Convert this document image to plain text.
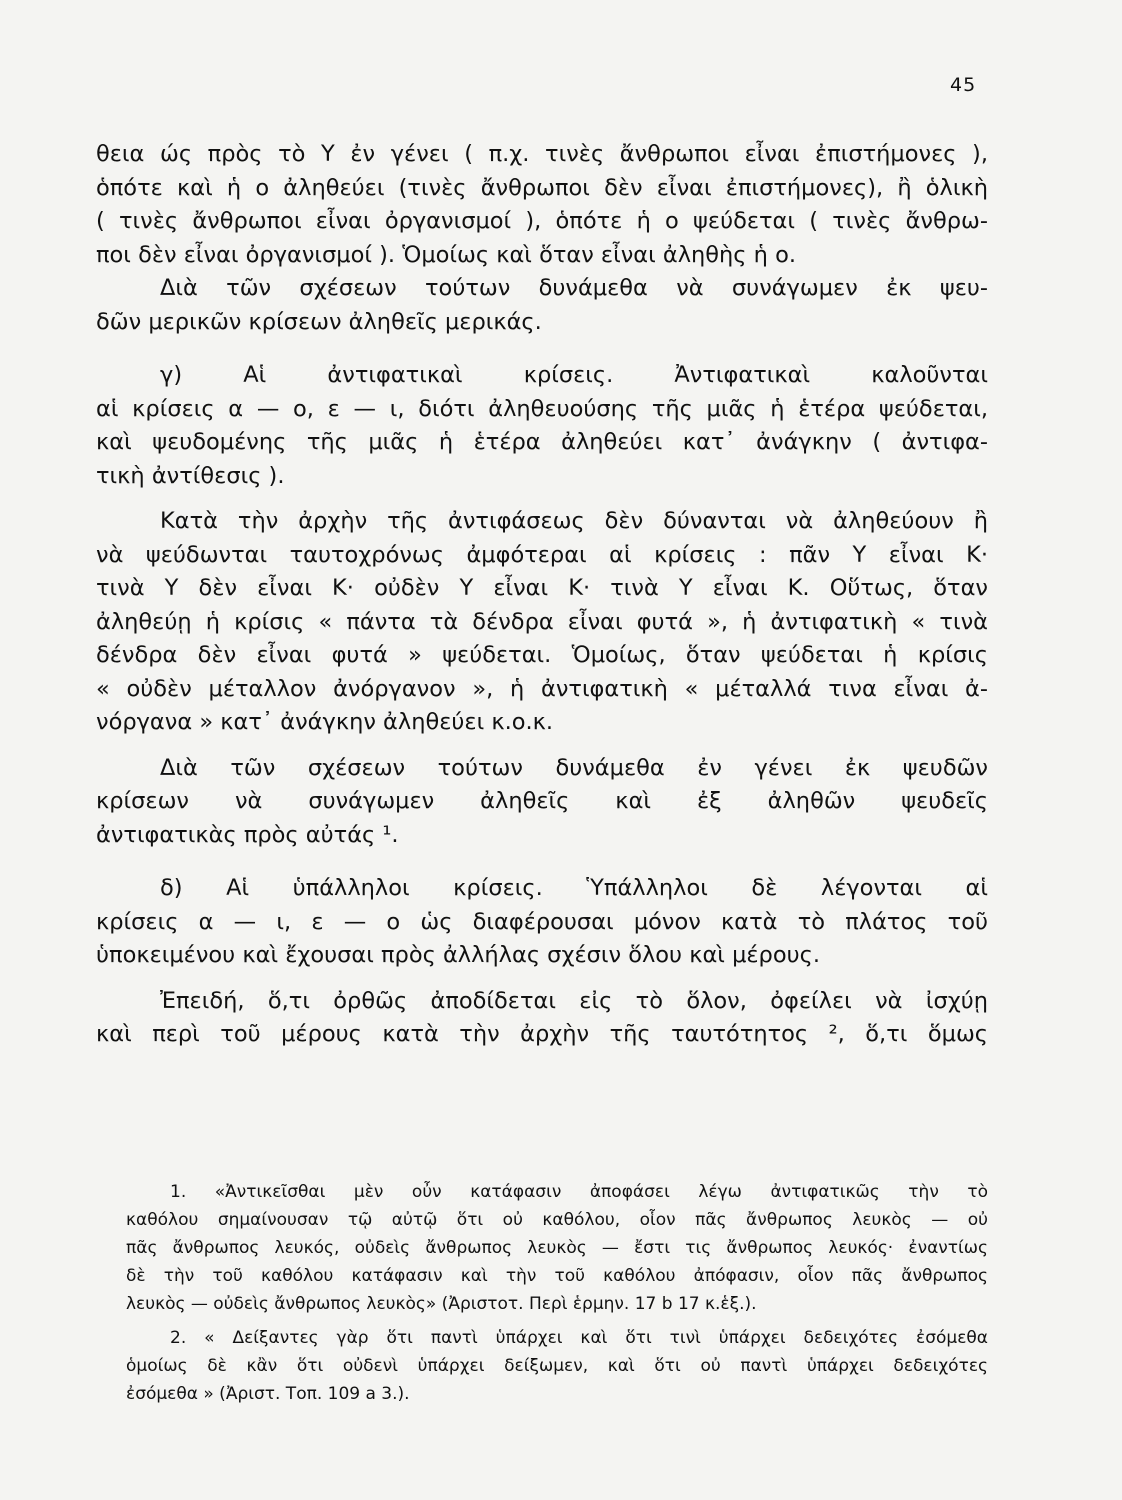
45
θεια ώς πρὸς τὸ Υ ἐν γένει ( π.χ. τινὲς ἄνθρωποι εἶναι ἐπιστήμονες ),
ὁπότε καὶ ἡ ο ἀληθεύει (τινὲς ἄνθρωποι δὲν εἶναι ἐπιστήμονες), ἢ ὁλικὴ
( τινὲς ἄνθρωποι εἶναι ὀργανισμοί ), ὁπότε ἡ ο ψεύδεται ( τινὲς ἄνθρω-
ποι δὲν εἶναι ὀργανισμοί ). Ὁμοίως καὶ ὅταν εἶναι ἀληθὴς ἡ ο.
Διὰ τῶν σχέσεων τούτων δυνάμεθα νὰ συνάγωμεν ἐκ ψευ-
δῶν μερικῶν κρίσεων ἀληθεῖς μερικάς.
γ) Αἱ ἀντιφατικαὶ κρίσεις. Ἀντιφατικαὶ καλοῦνται
αἱ κρίσεις α — ο, ε — ι, διότι ἀληθευούσης τῆς μιᾶς ἡ ἑτέρα ψεύδεται,
καὶ ψευδομένης τῆς μιᾶς ἡ ἑτέρα ἀληθεύει κατ᾽ ἀνάγκην ( ἀντιφα-
τικὴ ἀντίθεσις ).
Κατὰ τὴν ἀρχὴν τῆς ἀντιφάσεως δὲν δύνανται νὰ ἀληθεύουν ἢ
νὰ ψεύδωνται ταυτοχρόνως ἀμφότεραι αἱ κρίσεις : πᾶν Υ εἶναι Κ·
τινὰ Υ δὲν εἶναι Κ· οὐδὲν Υ εἶναι Κ· τινὰ Υ εἶναι Κ. Οὕτως, ὅταν
ἀληθεύῃ ἡ κρίσις « πάντα τὰ δένδρα εἶναι φυτά », ἡ ἀντιφατικὴ « τινὰ
δένδρα δὲν εἶναι φυτά » ψεύδεται. Ὁμοίως, ὅταν ψεύδεται ἡ κρίσις
« οὐδὲν μέταλλον ἀνόργανον », ἡ ἀντιφατικὴ « μέταλλά τινα εἶναι ἀ-
νόργανα » κατ᾽ ἀνάγκην ἀληθεύει κ.ο.κ.
Διὰ τῶν σχέσεων τούτων δυνάμεθα ἐν γένει ἐκ ψευδῶν
κρίσεων νὰ συνάγωμεν ἀληθεῖς καὶ ἐξ ἀληθῶν ψευδεῖς
ἀντιφατικὰς πρὸς αὐτάς ¹.
δ) Αἱ ὑπάλληλοι κρίσεις. Ὑπάλληλοι δὲ λέγονται αἱ
κρίσεις α — ι, ε — ο ὡς διαφέρουσαι μόνον κατὰ τὸ πλάτος τοῦ
ὑποκειμένου καὶ ἔχουσαι πρὸς ἀλλήλας σχέσιν ὅλου καὶ μέρους.
Ἐπειδή, ὅ,τι ὀρθῶς ἀποδίδεται εἰς τὸ ὅλον, ὀφείλει νὰ ἰσχύῃ
καὶ περὶ τοῦ μέρους κατὰ τὴν ἀρχὴν τῆς ταυτότητος ², ὅ,τι ὅμως
1. «Ἀντικεῖσθαι μὲν οὖν κατάφασιν ἀποφάσει λέγω ἀντιφατικῶς τὴν τὸ
καθόλου σημαίνουσαν τῷ αὐτῷ ὅτι οὐ καθόλου, οἷον πᾶς ἄνθρωπος λευκὸς — οὐ
πᾶς ἄνθρωπος λευκός, οὐδεὶς ἄνθρωπος λευκὸς — ἔστι τις ἄνθρωπος λευκός· ἐναντίως
δὲ τὴν τοῦ καθόλου κατάφασιν καὶ τὴν τοῦ καθόλου ἀπόφασιν, οἷον πᾶς ἄνθρωπος
λευκὸς — οὐδεὶς ἄνθρωπος λευκὸς» (Ἀριστοτ. Περὶ ἑρμην. 17 b 17 κ.ἑξ.).
2. « Δείξαντες γὰρ ὅτι παντὶ ὑπάρχει καὶ ὅτι τινὶ ὑπάρχει δεδειχότες ἐσόμεθα
ὁμοίως δὲ κἂν ὅτι οὐδενὶ ὑπάρχει δείξωμεν, καὶ ὅτι οὐ παντὶ ὑπάρχει δεδειχότες
ἐσόμεθα » (Ἀριστ. Τοπ. 109 a 3.).
